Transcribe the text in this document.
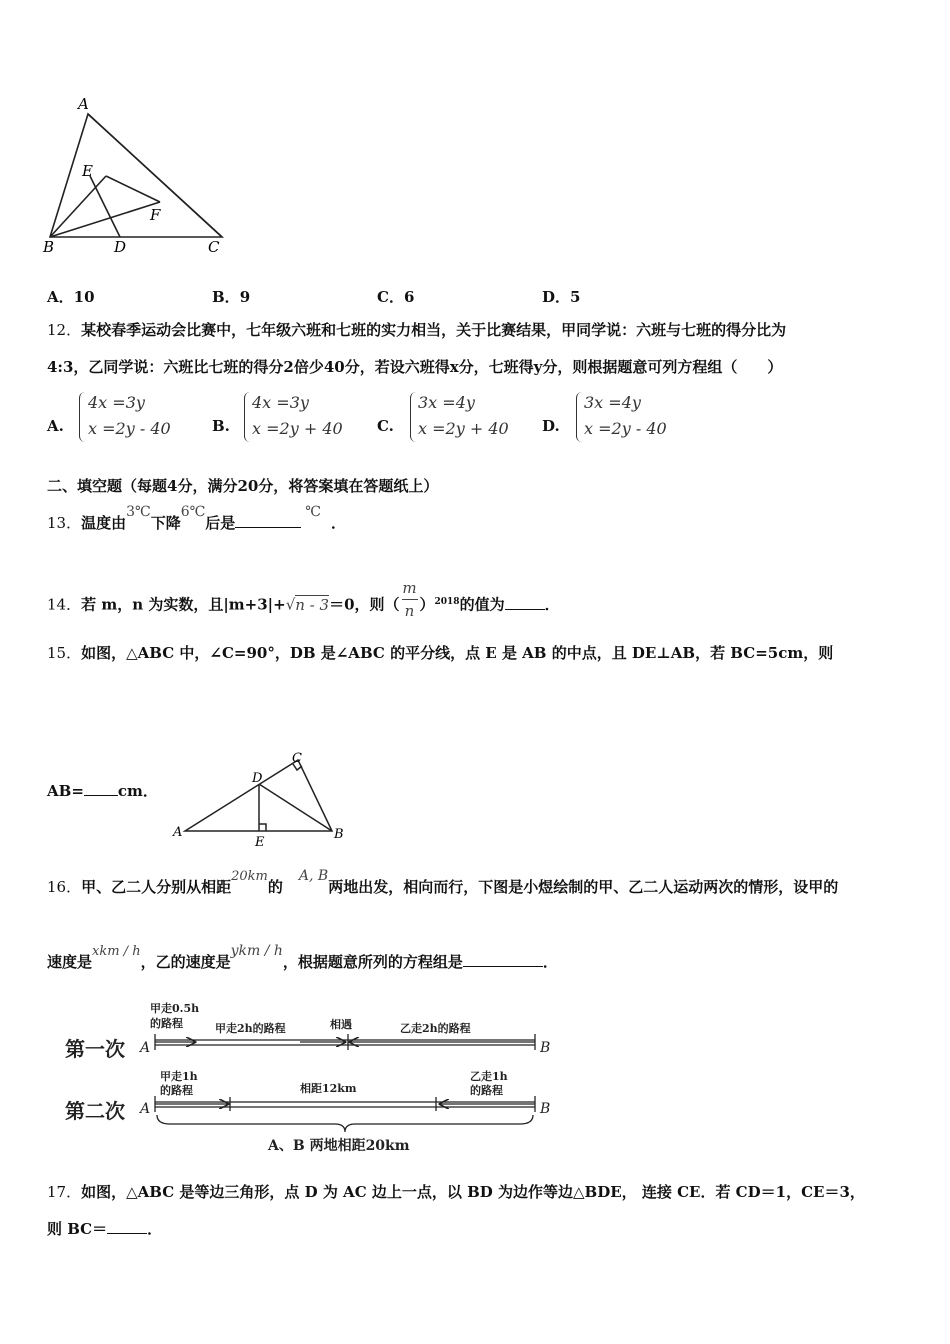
A
E
F
B	D	C
A．10	B．9	C．6	D．5
12．某校春季运动会比赛中，七年级六班和七班的实力相当，关于比赛结果，甲同学说：六班与七班的得分比为
4:3，乙同学说：六班比七班的得分2倍少40分，若设六班得x分，七班得y分，则根据题意可列方程组（　　）
A.
4x =3y
x =2y - 40	B.
4x =3y
x =2y + 40 C.
3x =4y
x =2y + 40 D.
3x =4y
x =2y - 40
二、填空题（每题4分，满分20分，将答案填在答题纸上）
13．温度由3℃下降6℃后是℃．
14．若 m，n 为实数，且|m+3|+√n - 3＝0，则（ $\frac{m}{n} )^{2018}$的值为	．
15．如图，△ABC 中，∠C=90°，DB 是∠ABC 的平分线，点 E 是 AB 的中点，且 DE⊥AB，若 BC=5cm，则
AB= cm．
A
D
C
E
B
16．甲、乙二人分别从相距20km的A, B两地出发，相向而行，下图是小煜绘制的甲、乙二人运动两次的情形，设甲的
速度是xkm / h，乙的速度是ykm / h，根据题意所列的方程组是	．
第一次 A	B
甲走0.5h
的路程	甲走2h的路程	相遇	乙走2h的路程
第二次 A	B
甲走1h
的路程	相距12km
乙走1h
的路程
A、B 两地相距20km
17．如图，△ABC 是等边三角形，点 D 为 AC 边上一点，以 BD 为边作等边△BDE， 连接 CE．若 CD＝1，CE＝3，
则 BC＝	．
